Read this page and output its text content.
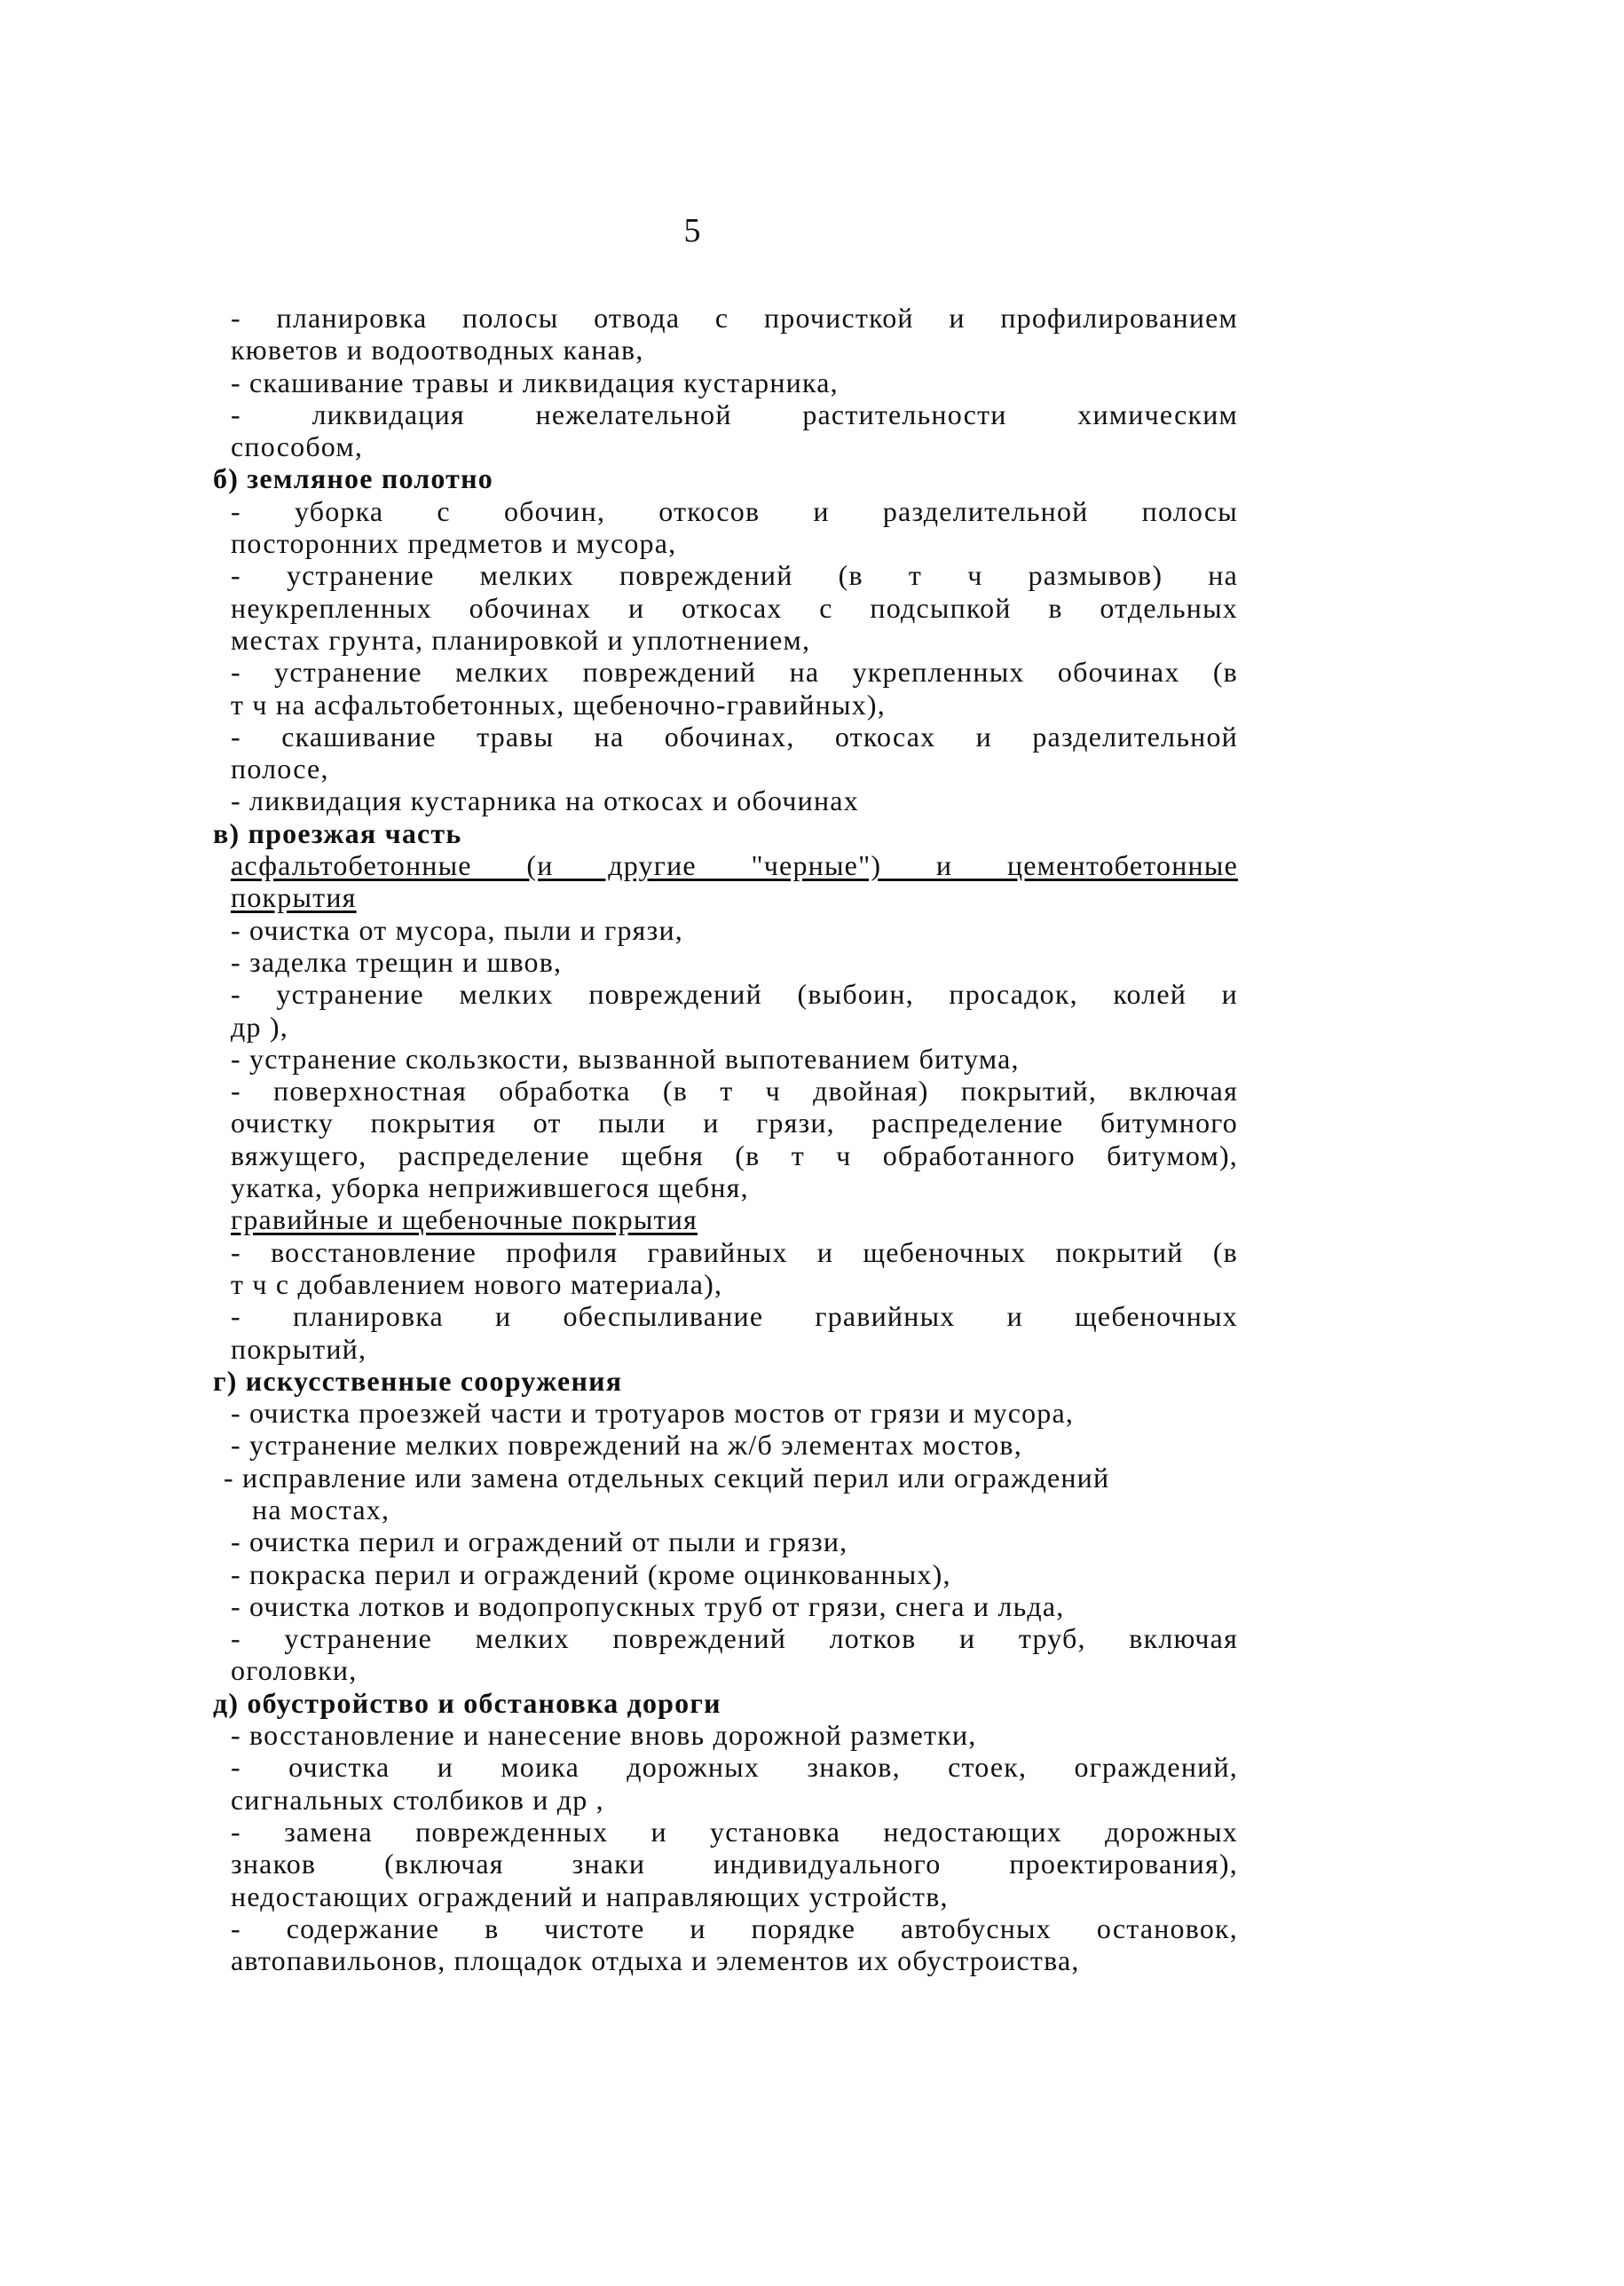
5
- планировка полосы отвода с прочисткой и профилированием
кюветов и водоотводных канав,
- скашивание травы и ликвидация кустарника,
- ликвидация нежелательной растительности химическим
способом,
б) земляное полотно
- уборка с обочин, откосов и разделительной полосы
посторонних предметов и мусора,
- устранение мелких повреждений (в т ч размывов) на
неукрепленных обочинах и откосах с подсыпкой в отдельных
местах грунта, планировкой и уплотнением,
- устранение мелких повреждений на укрепленных обочинах (в
т ч на асфальтобетонных, щебеночно-гравийных),
- скашивание травы на обочинах, откосах и разделительной
полосе,
- ликвидация кустарника на откосах и обочинах
в) проезжая часть
асфальтобетонные (и другие "черные") и цементобетонные
покрытия
- очистка от мусора, пыли и грязи,
- заделка трещин и швов,
- устранение мелких повреждений (выбоин, просадок, колей и
др ),
- устранение скользкости, вызванной выпотеванием битума,
- поверхностная обработка (в т ч двойная) покрытий, включая
очистку покрытия от пыли и грязи, распределение битумного
вяжущего, распределение щебня (в т ч обработанного битумом),
укатка, уборка неприжившегося щебня,
гравийные и щебеночные покрытия
- восстановление профиля гравийных и щебеночных покрытий (в
т ч с добавлением нового материала),
- планировка и обеспыливание гравийных и щебеночных
покрытий,
г) искусственные сооружения
- очистка проезжей части и тротуаров мостов от грязи и мусора,
- устранение мелких повреждений на ж/б элементах мостов,
- исправление или замена отдельных секций перил или ограждений
на мостах,
- очистка перил и ограждений от пыли и грязи,
- покраска перил и ограждений (кроме оцинкованных),
- очистка лотков и водопропускных труб от грязи, снега и льда,
- устранение мелких повреждений лотков и труб, включая
оголовки,
д) обустройство и обстановка дороги
- восстановление и нанесение вновь дорожной разметки,
- очистка и моика дорожных знаков, стоек, ограждений,
сигнальных столбиков и др ,
- замена поврежденных и установка недостающих дорожных
знаков (включая знаки индивидуального проектирования),
недостающих ограждений и направляющих устройств,
- содержание в чистоте и порядке автобусных остановок,
автопавильонов, площадок отдыха и элементов их обустроиства,
